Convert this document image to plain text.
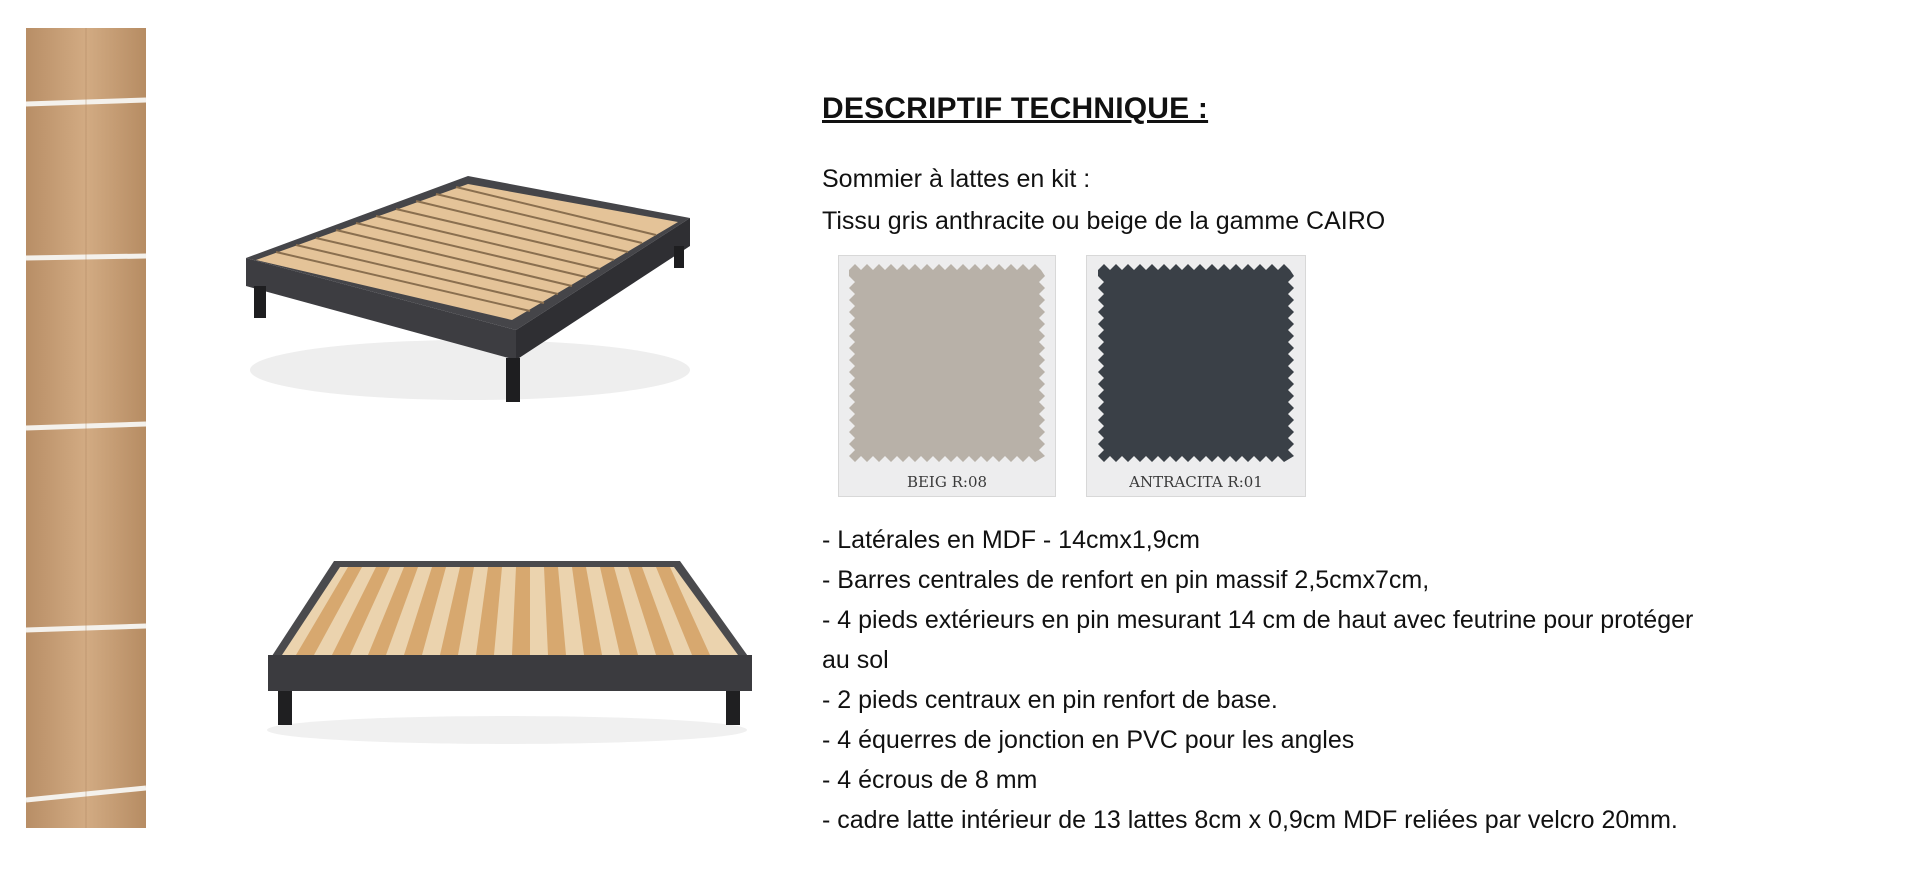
DESCRIPTIF TECHNIQUE :
Sommier à lattes en kit :
Tissu gris anthracite ou beige de la gamme CAIRO
BEIG R:08	ANTRACITA R:01
- Latérales en MDF - 14cmx1,9cm
- Barres centrales de renfort en pin massif 2,5cmx7cm,
- 4 pieds extérieurs en pin mesurant 14 cm de haut avec feutrine pour protéger
au sol
- 2 pieds centraux en pin renfort de base.
- 4 équerres de jonction en PVC pour les angles
- 4 écrous de 8 mm
- cadre latte intérieur de 13 lattes 8cm x 0,9cm MDF reliées par velcro 20mm.
